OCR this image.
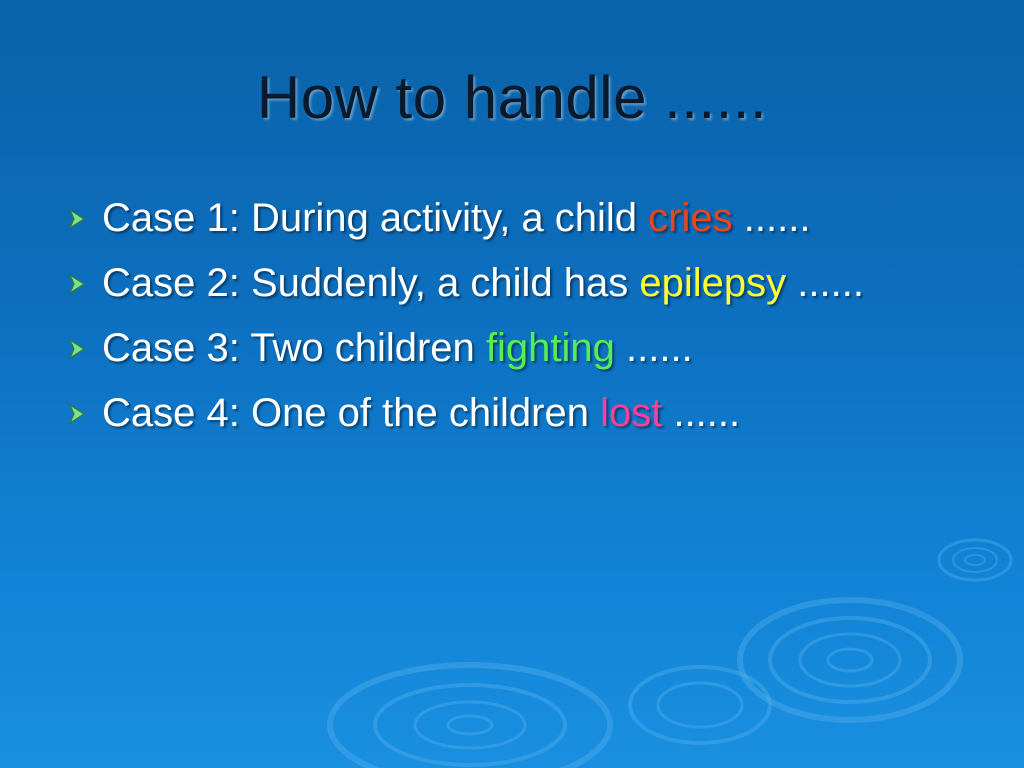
How to handle ......
Case 1: During activity, a child
cries
......
Case 2: Suddenly, a child has
epilepsy
......
Case 3: Two children
fighting
......
Case 4: One of the children
lost
......
